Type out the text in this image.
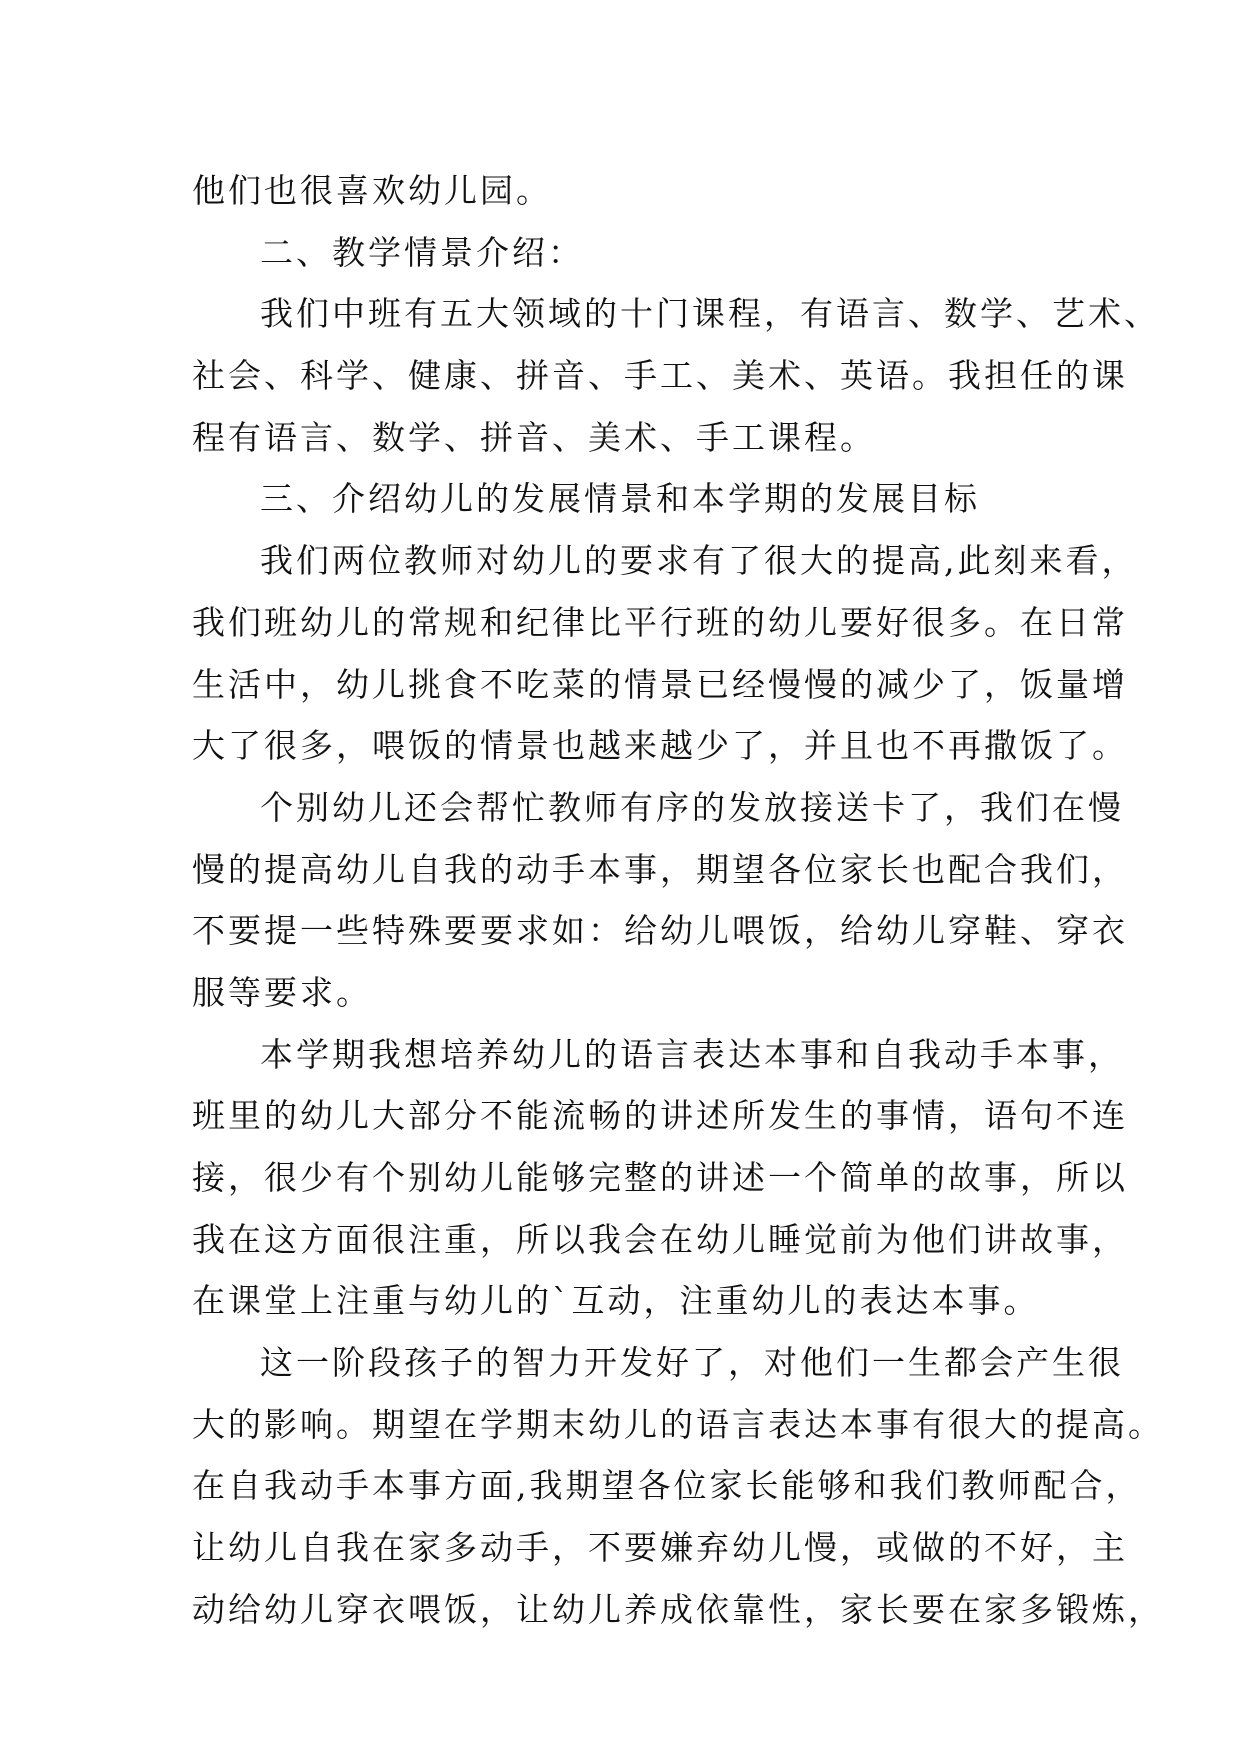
他们也很喜欢幼儿园。
二、教学情景介绍：
我们中班有五大领域的十门课程，有语言、数学、艺术、
社会、科学、健康、拼音、手工、美术、英语。我担任的课
程有语言、数学、拼音、美术、手工课程。
三、介绍幼儿的发展情景和本学期的发展目标
我们两位教师对幼儿的要求有了很大的提高,此刻来看，
我们班幼儿的常规和纪律比平行班的幼儿要好很多。在日常
生活中，幼儿挑食不吃菜的情景已经慢慢的减少了，饭量增
大了很多，喂饭的情景也越来越少了，并且也不再撒饭了。
个别幼儿还会帮忙教师有序的发放接送卡了，我们在慢
慢的提高幼儿自我的动手本事，期望各位家长也配合我们，
不要提一些特殊要要求如：给幼儿喂饭，给幼儿穿鞋、穿衣
服等要求。
本学期我想培养幼儿的语言表达本事和自我动手本事，
班里的幼儿大部分不能流畅的讲述所发生的事情，语句不连
接，很少有个别幼儿能够完整的讲述一个简单的故事，所以
我在这方面很注重，所以我会在幼儿睡觉前为他们讲故事，
在课堂上注重与幼儿的`互动，注重幼儿的表达本事。
这一阶段孩子的智力开发好了，对他们一生都会产生很
大的影响。期望在学期末幼儿的语言表达本事有很大的提高。
在自我动手本事方面,我期望各位家长能够和我们教师配合，
让幼儿自我在家多动手，不要嫌弃幼儿慢，或做的不好，主
动给幼儿穿衣喂饭，让幼儿养成依靠性，家长要在家多锻炼，
